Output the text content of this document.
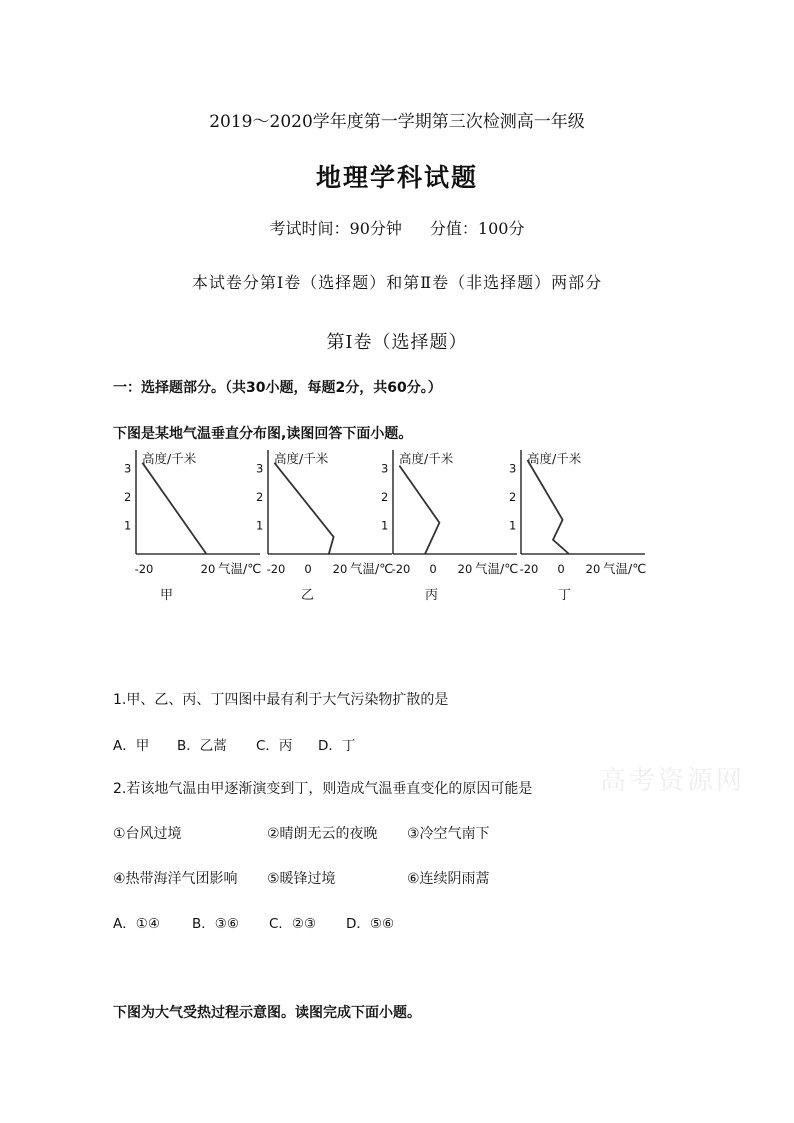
2019～2020学年度第一学期第三次检测高一年级
地理学科试题
考试时间：90分钟 分值：100分
本试卷分第Ⅰ卷（选择题）和第Ⅱ卷（非选择题）两部分
第Ⅰ卷（选择题）
一：选择题部分。（共30小题，每题2分，共60分。）
下图是某地气温垂直分布图,读图回答下面小题。
高度/千米
1
2
3
-20	20 气温/℃
高度/千米
1
2
3
-20 0 20 气温/℃
高度/千米
1
2
3
-20 0 20 气温/℃
高度/千米
1
2
3
-20 0 20 气温/℃
甲	乙	丙	丁
1.甲、乙、丙、丁四图中最有利于大气污染物扩散的是
A．甲 B．乙蒿 C．丙 D．丁
2.若该地气温由甲逐渐演变到丁，则造成气温垂直变化的原因可能是
①台风过境	②晴朗无云的夜晚 ③冷空气南下
④热带海洋气团影响 ⑤暖锋过境	⑥连续阴雨蒿
A．①④ B．③⑥ C．②③ D．⑤⑥
高考资源网
下图为大气受热过程示意图。读图完成下面小题。
